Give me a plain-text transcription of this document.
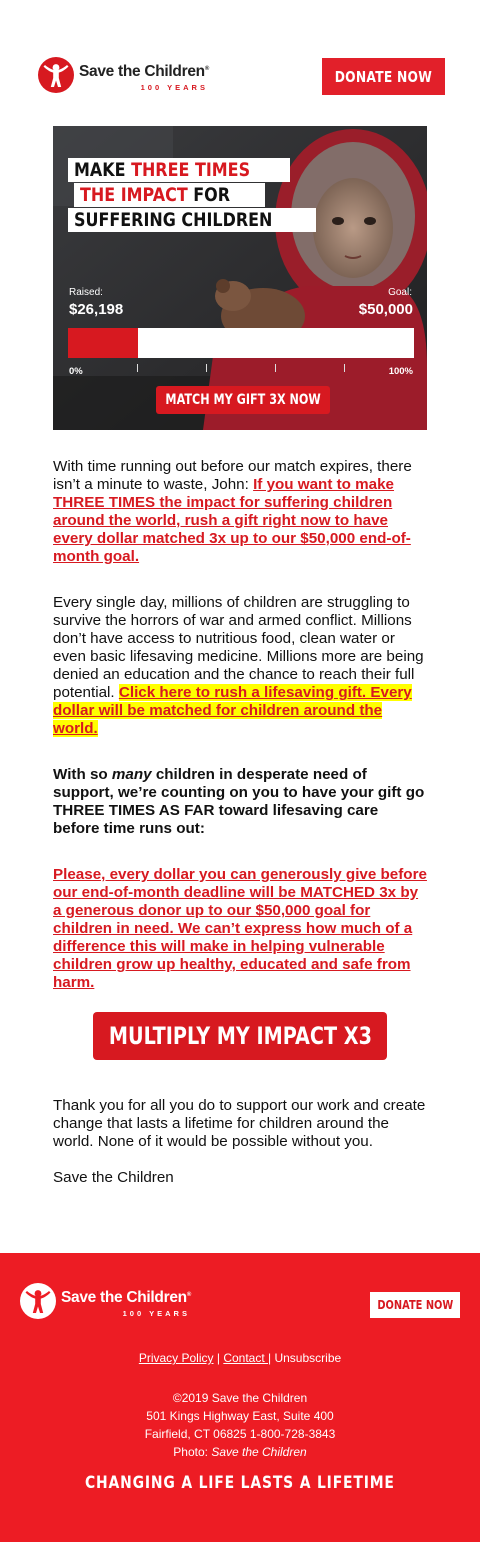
Save the Children®
100 YEARS
DONATE NOW
MAKE THREE TIMES
THE IMPACT FOR
SUFFERING CHILDREN
Raised:
$26,198
Goal:
$50,000
0%	100%
MATCH MY GIFT 3X NOW

With time running out before our match expires, there isn’t a minute to waste, John: If you want to make THREE TIMES the impact for suffering children around the world, rush a gift right now to have every dollar matched 3x up to our $50,000 end-of-month goal.

Every single day, millions of children are struggling to survive the horrors of war and armed conflict. Millions don’t have access to nutritious food, clean water or even basic lifesaving medicine. Millions more are being denied an education and the chance to reach their full potential. Click here to rush a lifesaving gift. Every dollar will be matched for children around the world.

With so many children in desperate need of support, we’re counting on you to have your gift go THREE TIMES AS FAR toward lifesaving care before time runs out:

Please, every dollar you can generously give before our end-of-month deadline will be MATCHED 3x by a generous donor up to our $50,000 goal for children in need. We can’t express how much of a difference this will make in helping vulnerable children grow up healthy, educated and safe from harm.

MULTIPLY MY IMPACT X3

Thank you for all you do to support our work and create change that lasts a lifetime for children around the world. None of it would be possible without you.

Save the Children

Save the Children®
100 YEARS
DONATE NOW
Privacy Policy | Contact | Unsubscribe
©2019 Save the Children
501 Kings Highway East, Suite 400
Fairfield, CT 06825 1-800-728-3843
Photo: Save the Children
CHANGING A LIFE LASTS A LIFETIME
